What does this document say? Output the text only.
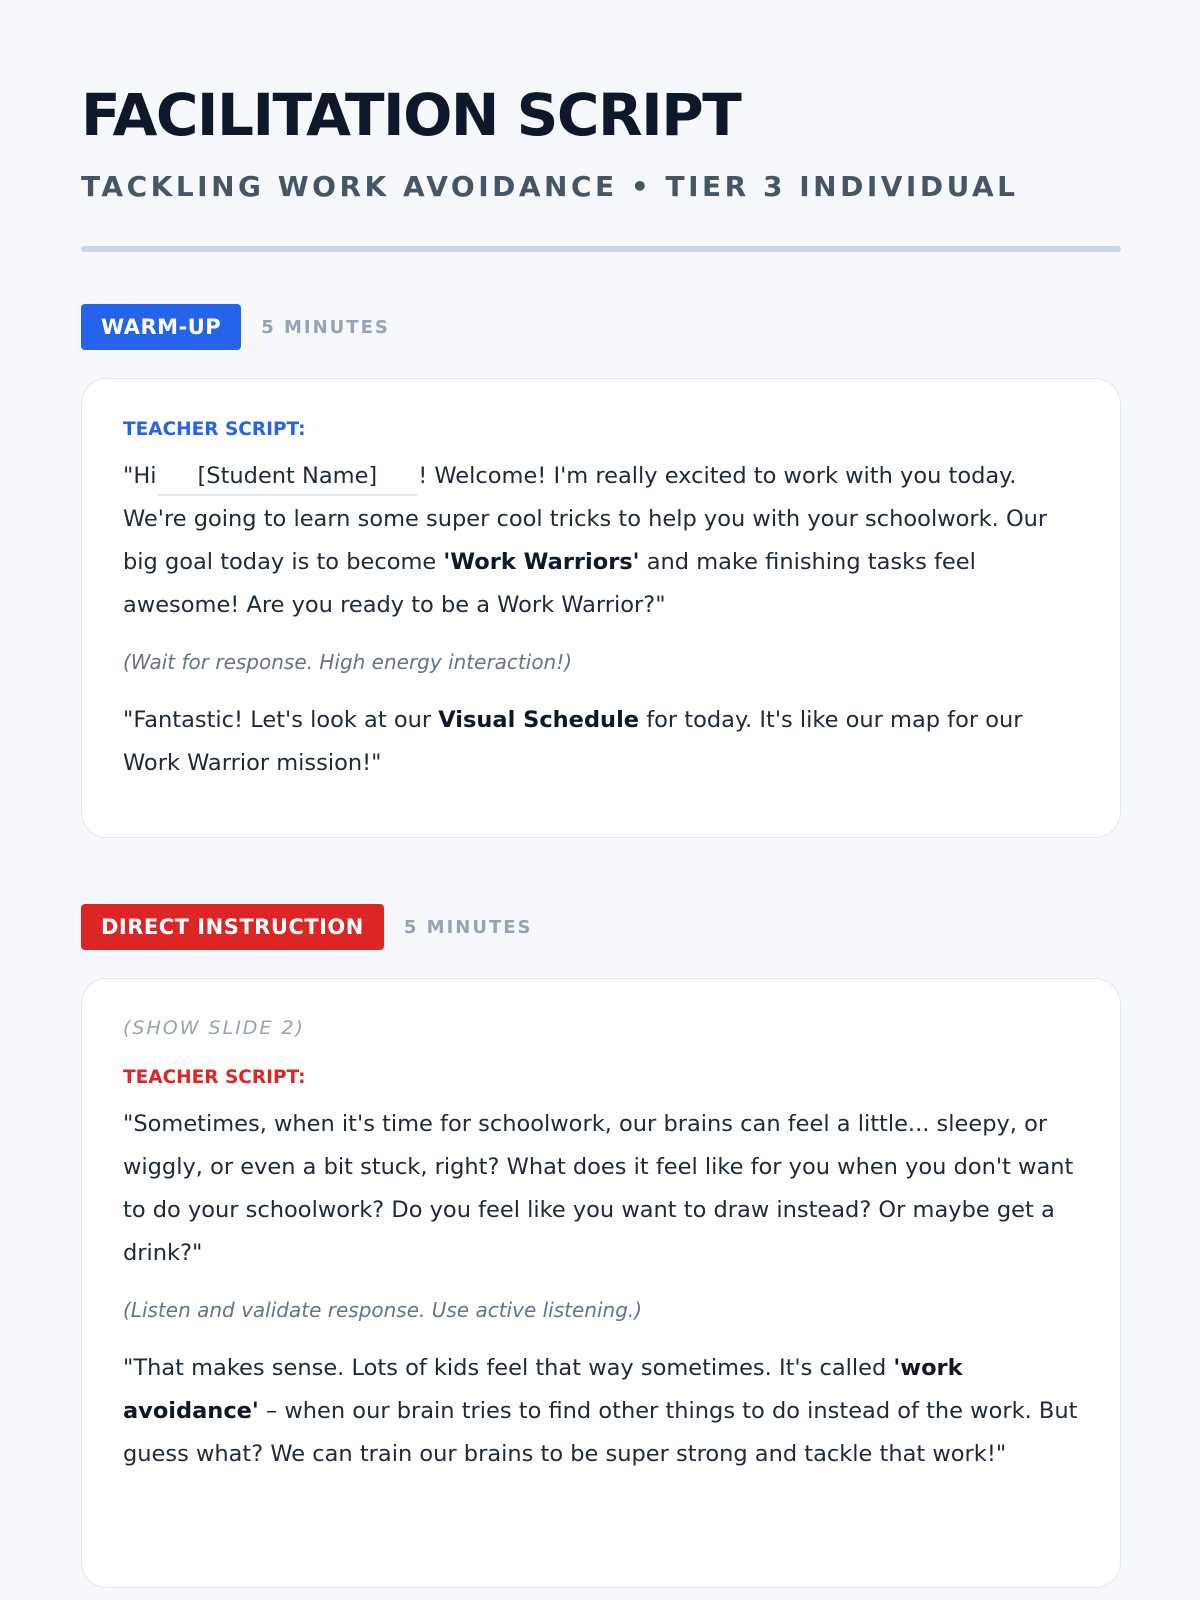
FACILITATION SCRIPT
TACKLING WORK AVOIDANCE • TIER 3 INDIVIDUAL
WARM-UP	5 MINUTES
TEACHER SCRIPT:

"Hi [Student Name] ! Welcome! I'm really excited to work with you today. We're going to learn some super cool tricks to help you with your schoolwork. Our big goal today is to become 'Work Warriors' and make finishing tasks feel awesome! Are you ready to be a Work Warrior?"

(Wait for response. High energy interaction!)

"Fantastic! Let's look at our Visual Schedule for today. It's like our map for our Work Warrior mission!"

DIRECT INSTRUCTION	5 MINUTES
(SHOW SLIDE 2)
TEACHER SCRIPT:

"Sometimes, when it's time for schoolwork, our brains can feel a little... sleepy, or wiggly, or even a bit stuck, right? What does it feel like for you when you don't want to do your schoolwork? Do you feel like you want to draw instead? Or maybe get a drink?"

(Listen and validate response. Use active listening.)

"That makes sense. Lots of kids feel that way sometimes. It's called 'work avoidance' – when our brain tries to find other things to do instead of the work. But guess what? We can train our brains to be super strong and tackle that work!"
